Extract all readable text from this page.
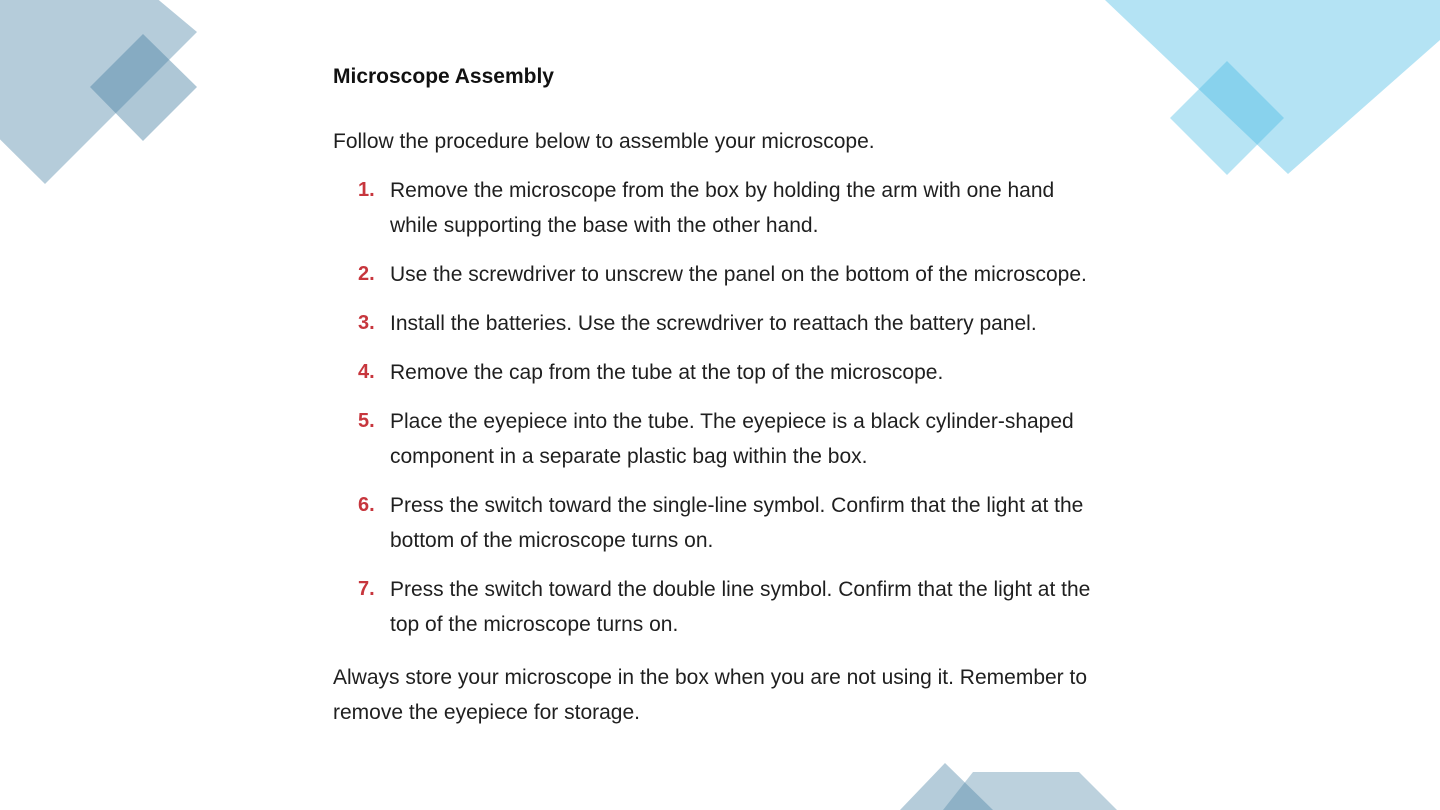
Microscope Assembly

Follow the procedure below to assemble your microscope.

1. Remove the microscope from the box by holding the arm with one hand while supporting the base with the other hand.
2. Use the screwdriver to unscrew the panel on the bottom of the microscope.
3. Install the batteries. Use the screwdriver to reattach the battery panel.
4. Remove the cap from the tube at the top of the microscope.
5. Place the eyepiece into the tube. The eyepiece is a black cylinder-shaped component in a separate plastic bag within the box.
6. Press the switch toward the single-line symbol. Confirm that the light at the bottom of the microscope turns on.
7. Press the switch toward the double line symbol. Confirm that the light at the top of the microscope turns on.

Always store your microscope in the box when you are not using it. Remember to remove the eyepiece for storage.
